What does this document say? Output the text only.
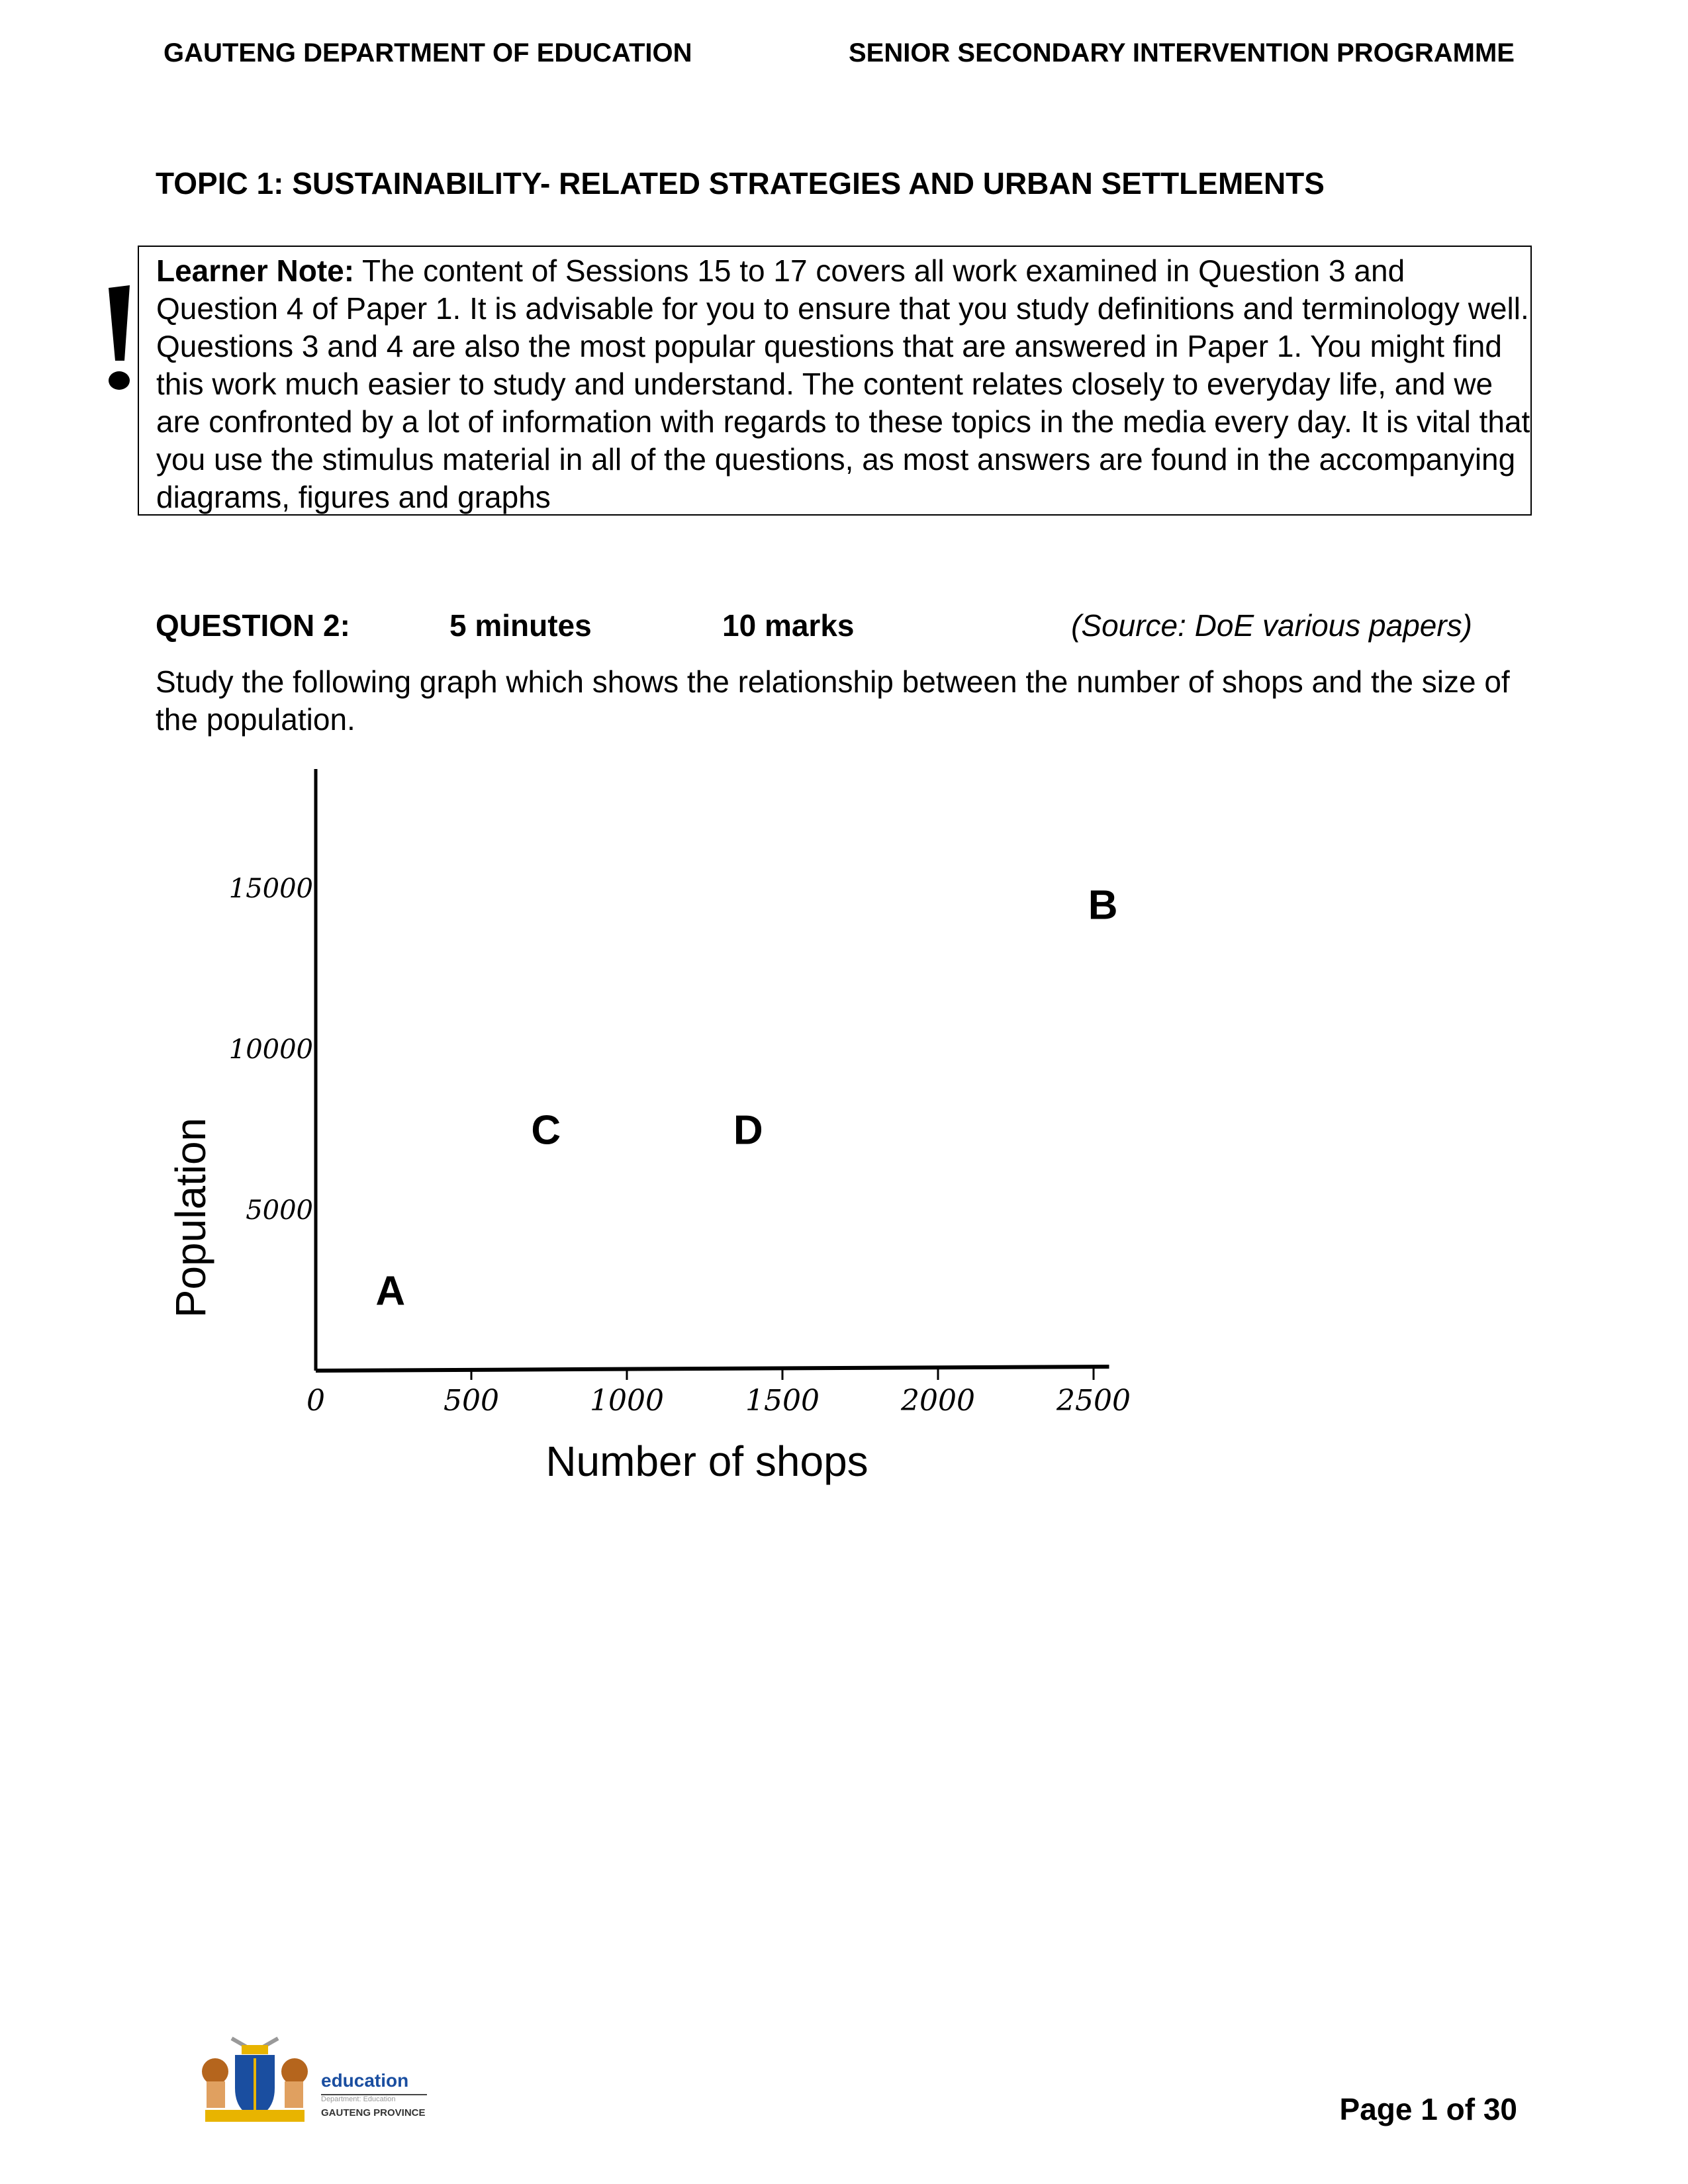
GAUTENG DEPARTMENT OF EDUCATION	SENIOR SECONDARY INTERVENTION PROGRAMME
TOPIC 1: SUSTAINABILITY- RELATED STRATEGIES AND URBAN SETTLEMENTS
Learner Note: The content of Sessions 15 to 17 covers all work examined in Question 3 and Question 4 of Paper 1. It is advisable for you to ensure that you study definitions and terminology well. Questions 3 and 4 are also the most popular questions that are answered in Paper 1. You might find this work much easier to study and understand. The content relates closely to everyday life, and we are confronted by a lot of information with regards to these topics in the media every day. It is vital that you use the stimulus material in all of the questions, as most answers are found in the accompanying diagrams, figures and graphs
QUESTION 2:	5 minutes	10 marks	(Source: DoE various papers)
Study the following graph which shows the relationship between the number of shops and the size of the population.
Population
Number of shops
0	500	1000	1500	2000	2500
5000
10000
15000
A
C	D
B
education
Department: Education
GAUTENG PROVINCE	Page 1 of 30
